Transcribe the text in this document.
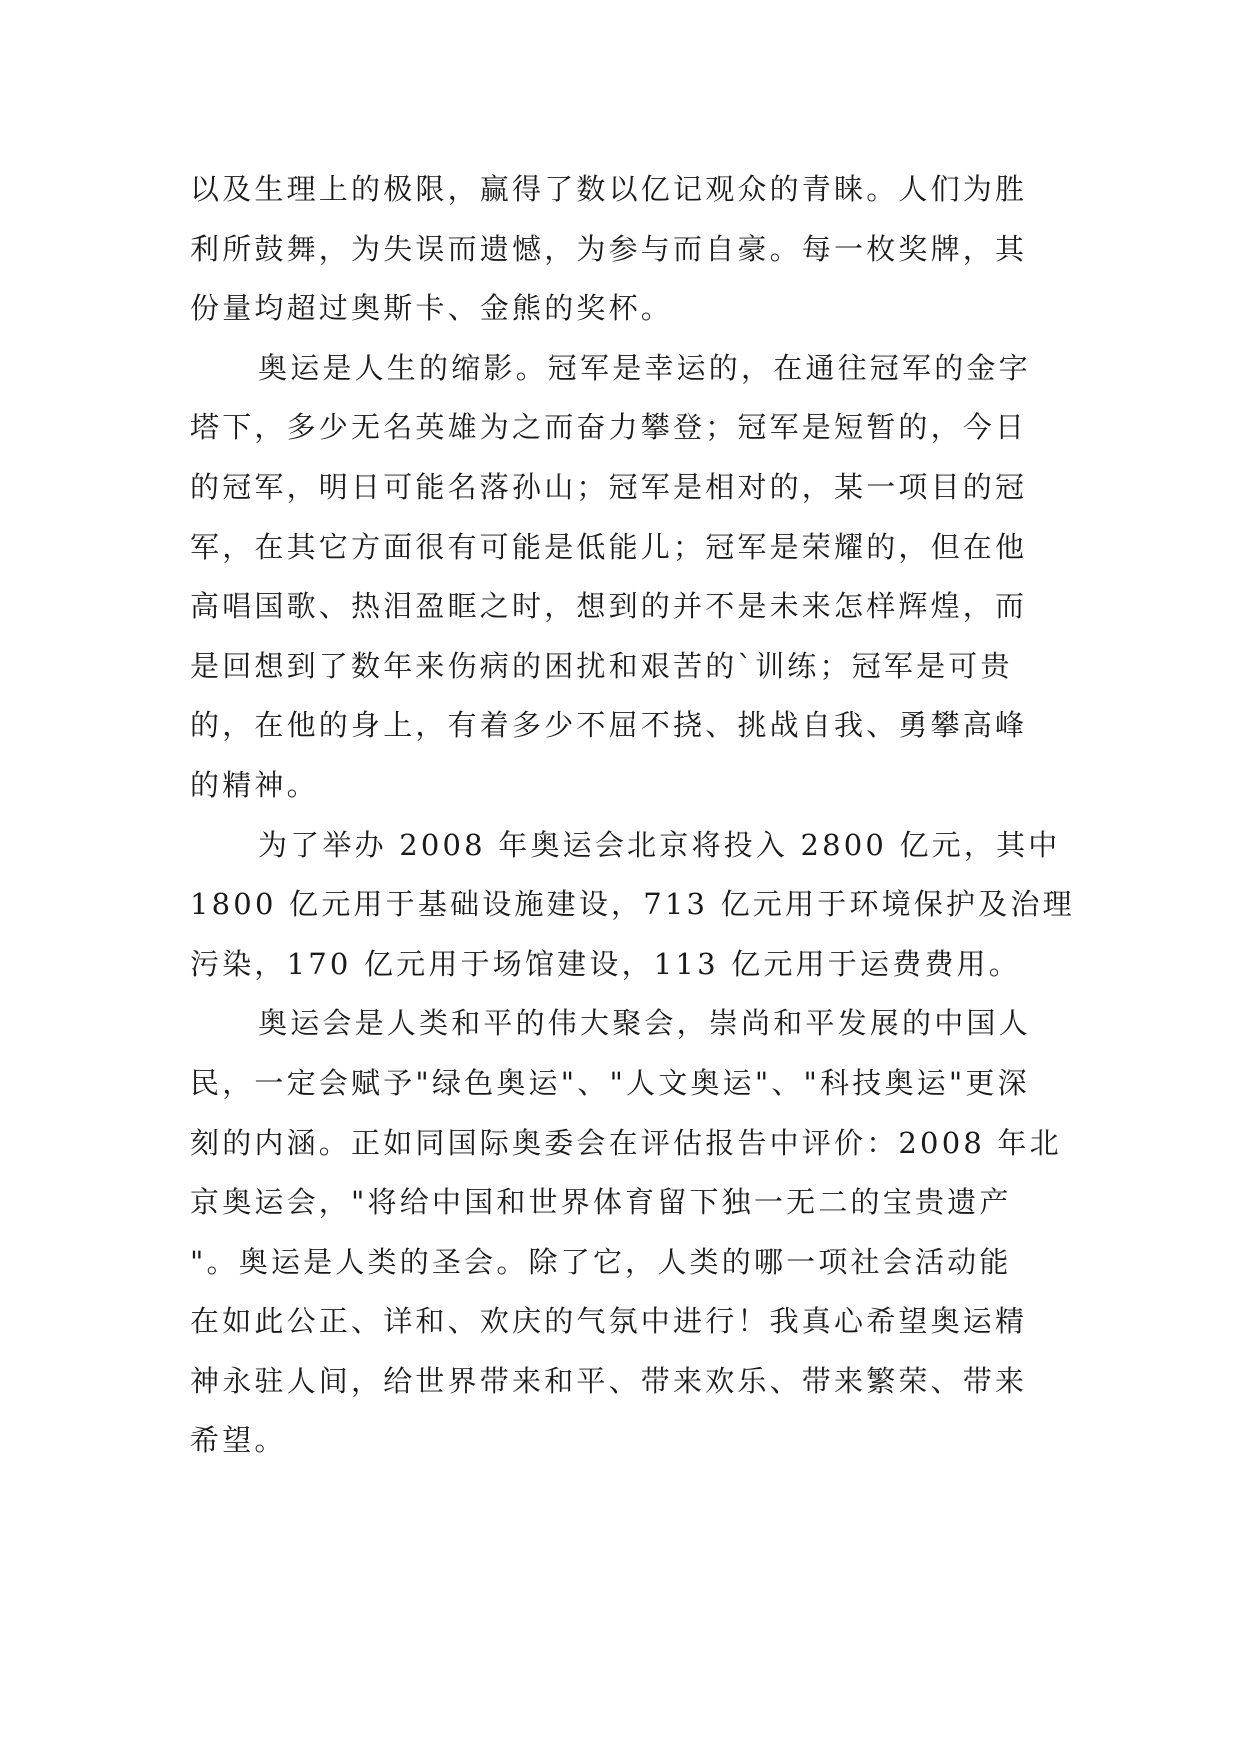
以及生理上的极限，赢得了数以亿记观众的青睐。人们为胜
利所鼓舞，为失误而遗憾，为参与而自豪。每一枚奖牌，其
份量均超过奥斯卡、金熊的奖杯。
奥运是人生的缩影。冠军是幸运的，在通往冠军的金字
塔下，多少无名英雄为之而奋力攀登；冠军是短暂的，今日
的冠军，明日可能名落孙山；冠军是相对的，某一项目的冠
军，在其它方面很有可能是低能儿；冠军是荣耀的，但在他
高唱国歌、热泪盈眶之时，想到的并不是未来怎样辉煌，而
是回想到了数年来伤病的困扰和艰苦的`训练；冠军是可贵
的，在他的身上，有着多少不屈不挠、挑战自我、勇攀高峰
的精神。
为了举办 2008 年奥运会北京将投入 2800 亿元，其中
1800 亿元用于基础设施建设，713 亿元用于环境保护及治理
污染，170 亿元用于场馆建设，113 亿元用于运费费用。
奥运会是人类和平的伟大聚会，崇尚和平发展的中国人
民，一定会赋予"绿色奥运"、"人文奥运"、"科技奥运"更深
刻的内涵。正如同国际奥委会在评估报告中评价：2008 年北
京奥运会，"将给中国和世界体育留下独一无二的宝贵遗产
"。奥运是人类的圣会。除了它，人类的哪一项社会活动能
在如此公正、详和、欢庆的气氛中进行！我真心希望奥运精
神永驻人间，给世界带来和平、带来欢乐、带来繁荣、带来
希望。
